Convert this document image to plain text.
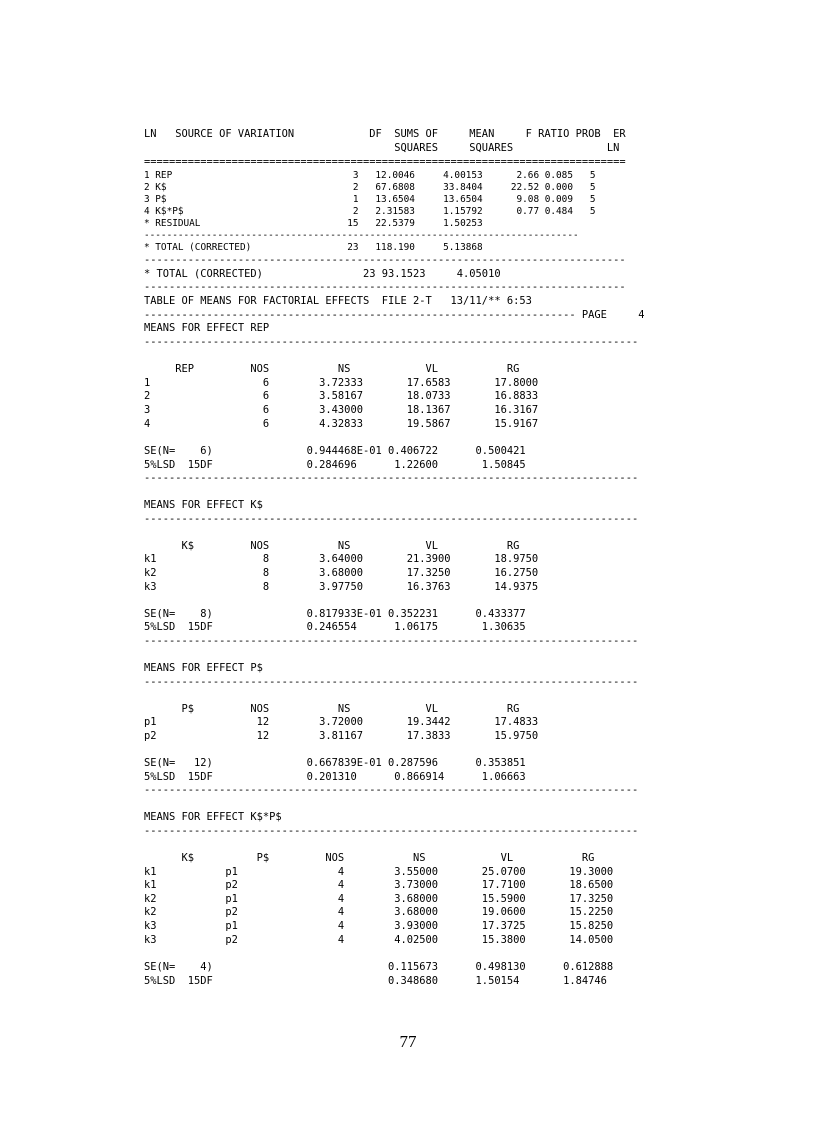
LN   SOURCE OF VARIATION            DF  SUMS OF     MEAN     F RATIO PROB  ER
SQUARES     SQUARES               LN
=============================================================================
1 REP                                3   12.0046     4.00153      2.66 0.085   5
2 K$                                 2   67.6808     33.8404     22.52 0.000   5
3 P$                                 1   13.6504     13.6504      9.08 0.009   5
4 K$*P$                              2   2.31583     1.15792      0.77 0.484   5
* RESIDUAL                          15   22.5379     1.50253
-----------------------------------------------------------------------------
* TOTAL (CORRECTED)                 23   118.190     5.13868
-----------------------------------------------------------------------------
* TOTAL (CORRECTED)                23 93.1523     4.05010
-----------------------------------------------------------------------------
TABLE OF MEANS FOR FACTORIAL EFFECTS  FILE 2-T   13/11/** 6:53
--------------------------------------------------------------------- PAGE     4
MEANS FOR EFFECT REP
-------------------------------------------------------------------------------
REP         NOS           NS            VL           RG
1                  6        3.72333       17.6583       17.8000
2                  6        3.58167       18.0733       16.8833
3                  6        3.43000       18.1367       16.3167
4                  6        4.32833       19.5867       15.9167
SE(N=    6)               0.944468E-01 0.406722      0.500421
5%LSD  15DF               0.284696      1.22600       1.50845
-------------------------------------------------------------------------------
MEANS FOR EFFECT K$
-------------------------------------------------------------------------------
K$         NOS           NS            VL           RG
k1                 8        3.64000       21.3900       18.9750
k2                 8        3.68000       17.3250       16.2750
k3                 8        3.97750       16.3763       14.9375
SE(N=    8)               0.817933E-01 0.352231      0.433377
5%LSD  15DF               0.246554      1.06175       1.30635
-------------------------------------------------------------------------------
MEANS FOR EFFECT P$
-------------------------------------------------------------------------------
P$         NOS           NS            VL           RG
p1                12        3.72000       19.3442       17.4833
p2                12        3.81167       17.3833       15.9750
SE(N=   12)               0.667839E-01 0.287596      0.353851
5%LSD  15DF               0.201310      0.866914      1.06663
-------------------------------------------------------------------------------
MEANS FOR EFFECT K$*P$
-------------------------------------------------------------------------------
K$          P$         NOS           NS            VL           RG
k1           p1                4        3.55000       25.0700       19.3000
k1           p2                4        3.73000       17.7100       18.6500
k2           p1                4        3.68000       15.5900       17.3250
k2           p2                4        3.68000       19.0600       15.2250
k3           p1                4        3.93000       17.3725       15.8250
k3           p2                4        4.02500       15.3800       14.0500
SE(N=    4)                            0.115673      0.498130      0.612888
5%LSD  15DF                            0.348680      1.50154       1.84746
77
